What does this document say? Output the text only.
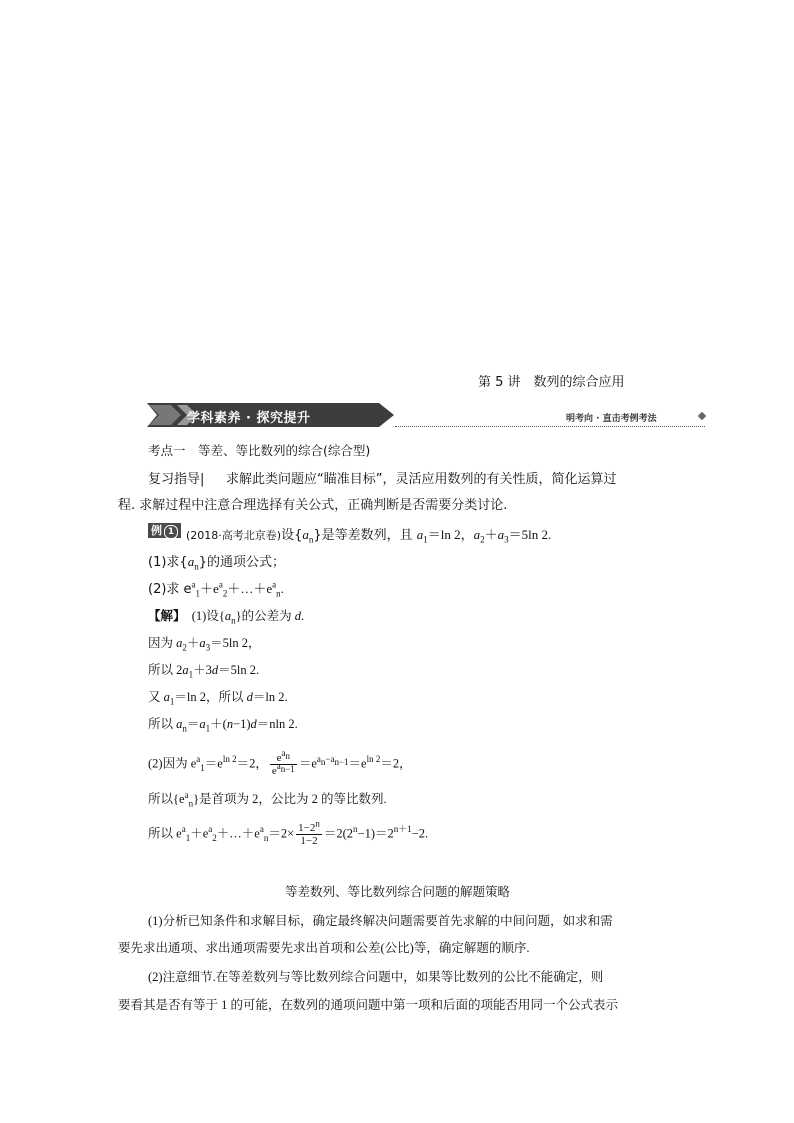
第 5 讲　数列的综合应用
学科素养 · 探究提升	明考向 · 直击考例考法
考点一　等差、等比数列的综合(综合型)
复习指导| 求解此类问题应“瞄准目标”，灵活应用数列的有关性质，简化运算过
程. 求解过程中注意合理选择有关公式，正确判断是否需要分类讨论.
例 1	(2018·高考北京卷)设$\{a_n\}$是等差数列，且 $a_1=\ln$ 2，$a_2+a_3=5\ln$ 2.
(1)求$\{a_n\}$的通项公式；
(2)求 $e^a_1+e^a_2+\dots+e^a_n$.
【解】 (1)设$\{a_n\}$的公差为 d.
因为 $a_2+a_3=5\ln$ 2，
所以 $2a_1+3d=5\ln$ 2.
又 $a_1=\ln$ 2，所以 d＝ln 2.
所以 $a_n=a_1+(n-1)d=nln$ 2.
(2)因为 $e^a_1=e^{ln 2}=2$， $\frac{e^{a_n}}{e^{a_{n-1}}} =e^{a_n-a_{n-1}}=e^{ln 2}=2$，
所以$\{e^a_n\}$是首项为 2，公比为 2 的等比数列.
所以 $e^a_1+e^a_2+\dots+e^a_n=2\times \frac{1-2^n}{1-2} =2(2^n-1)=2^{n+1}-2$.
等差数列、等比数列综合问题的解题策略
(1)分析已知条件和求解目标，确定最终解决问题需要首先求解的中间问题，如求和需
要先求出通项、求出通项需要先求出首项和公差(公比)等，确定解题的顺序.
(2)注意细节.在等差数列与等比数列综合问题中，如果等比数列的公比不能确定，则
要看其是否有等于 1 的可能，在数列的通项问题中第一项和后面的项能否用同一个公式表示
